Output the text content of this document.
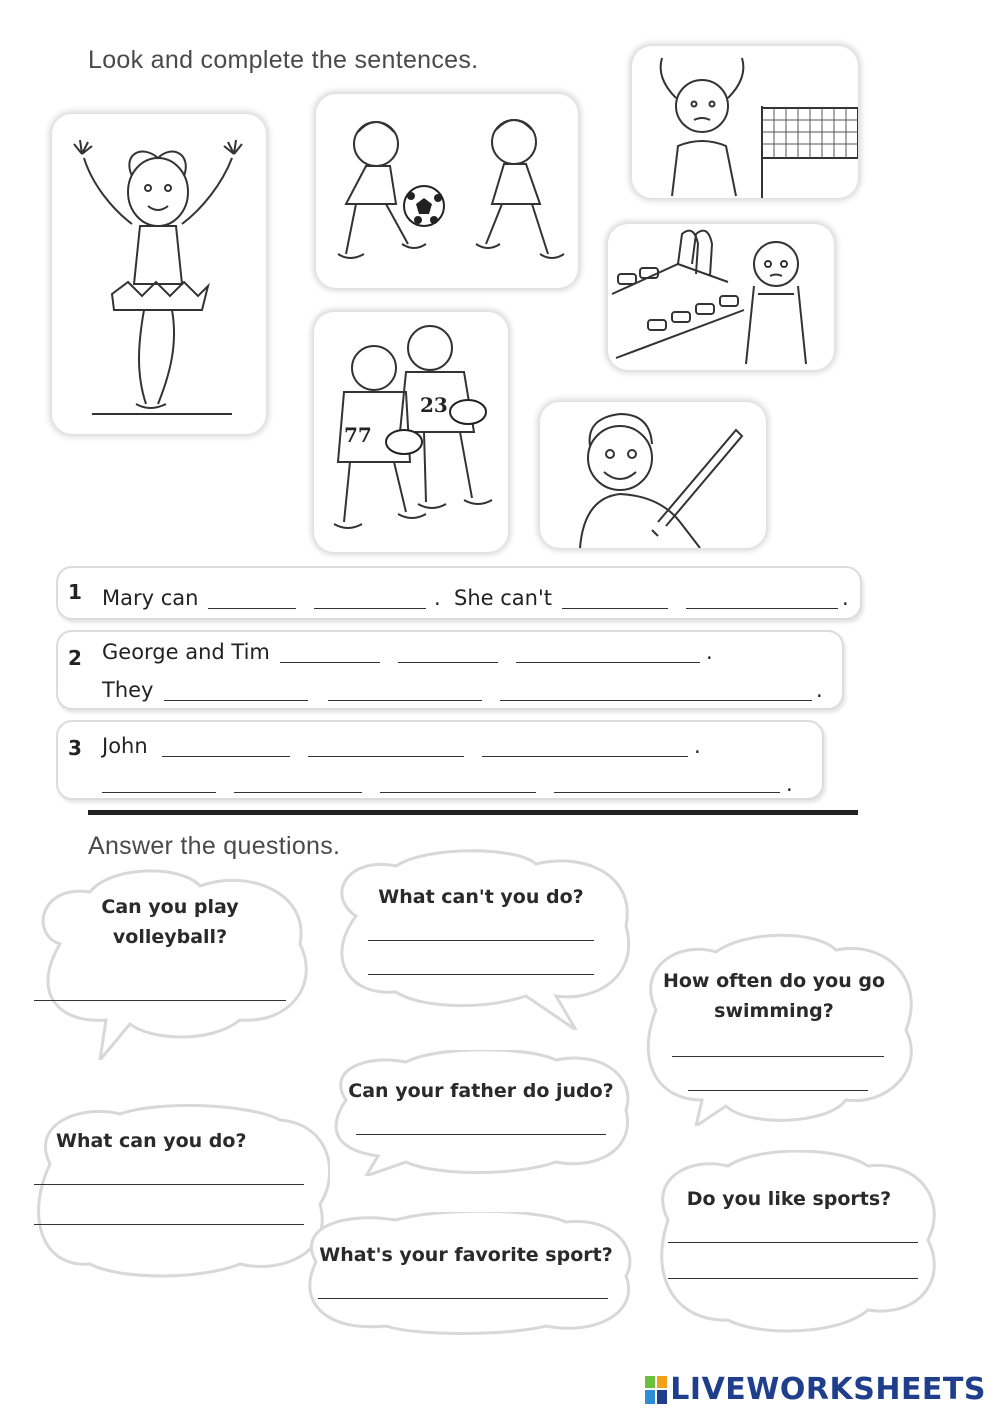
Look and complete the sentences.
77
23
1 Mary can	. She can't	.
2 George and Tim	.
They	.
3 John	.
.
Answer the questions.
Can you play volleyball?
What can't you do?
How often do you go swimming?
Can your father do judo?
What can you do?
Do you like sports?
What's your favorite sport?
LIVEWORKSHEETS
